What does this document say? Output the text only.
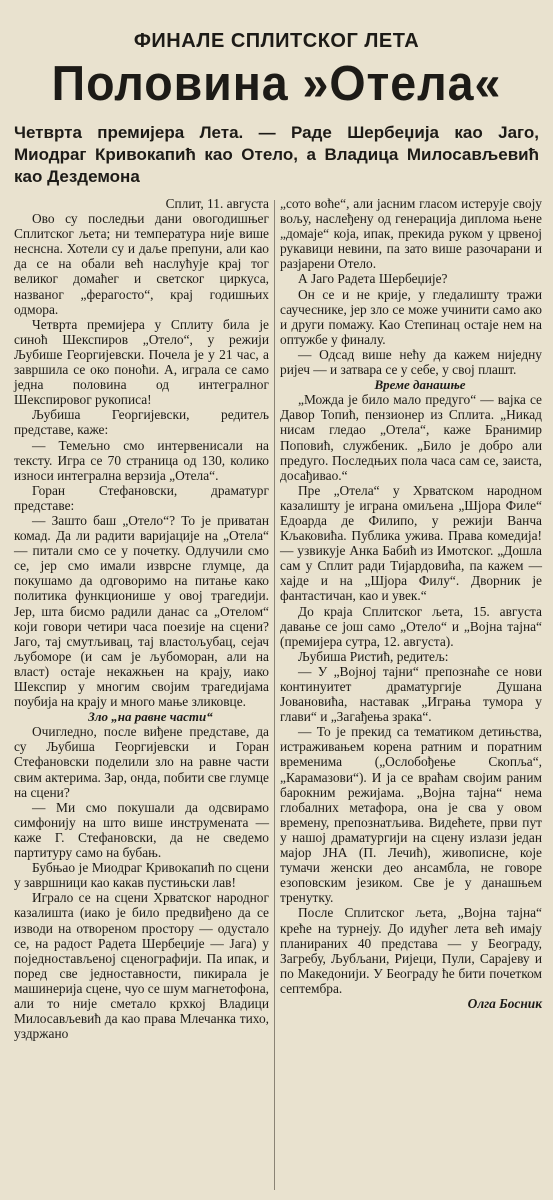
ФИНАЛЕ СПЛИТСКОГ ЛЕТА
Половина »Отела«
Четврта премијера Лета. — Раде Шербеџија као Јаго, Миодраг Кривокапић као Отело, а Владица Милосављевић као Дездемона

Сплит, 11. августа

Ово су последњи дани овогодишњег Сплитског љета; ни температура није више неснсна. Хотели су и даље препуни, али као да се на обали већ наслућује крај тог великог домаћег и светског циркуса, названог „ферагосто“, крај годишњих одмора.

Четврта премијера у Сплиту била је синоћ Шекспиров „Отело“, у режији Љубише Георгијевски. Почела је у 21 час, а завршила се око поноћи. А, играла се само једна половина од интегралног Шекспировог рукописа!

Љубиша Георгијевски, редитељ представе, каже:

— Темељно смо интервенисали на тексту. Игра се 70 страница од 130, колико износи интегрална верзија „Отела“.

Горан Стефановски, драматург представе:

— Зашто баш „Отело“? То је приватан комад. Да ли радити варијације на „Отела“ — питали смо се у почетку. Одлучили смо се, јер смо имали изврсне глумце, да покушамо да одговоримо на питање како политика функционише у овој трагедији. Јер, шта бисмо радили данас са „Отелом“ који говори четири часа поезије на сцени? Јаго, тај смутљивац, тај властољубац, сејач љубоморе (и сам је љубоморан, али на власт) остаје некажњен на крају, иако Шекспир у многим својим трагедијама поубија на крају и много мање зликовце.

Зло „на равне части“

Очигледно, после виђене представе, да су Љубиша Георгијевски и Горан Стефановски поделили зло на равне части свим актерима. Зар, онда, побити све глумце на сцени?

— Ми смо покушали да одсвирамо симфонију на што више инструмената — каже Г. Стефановски, да не сведемо партитуру само на бубањ.

Бубњао је Миодраг Кривокапић по сцени у завршници као какав пустињски лав!

Играло се на сцени Хрватског народног казалишта (иако је било предвиђено да се изводи на отвореном простору — одустало се, на радост Радета Шербеџије — Јага) у поједностављеној сценографији. Па ипак, и поред све једноставности, пикирала је машинерија сцене, чуо се шум магнетофона, али то није сметало крхкој Владици Милосављевић да као права Млечанка тихо, уздржано

„сото воће“, али јасним гласом истерује своју вољу, наслеђену од генерација диплома њене „домаје“ која, ипак, прекида руком у црвеној рукавици невини, па зато више разочарани и разјарени Отело.

А Јаго Радета Шербеџије?

Он се и не крије, у гледалишту тражи саучеснике, јер зло се може учинити само ако и други помажу. Као Степинац остаје нем на оптужбе у финалу.

— Одсад више нећу да кажем ниједну ријеч — и затвара се у себе, у свој плашт.

Време данашње

„Можда је било мало предуго“ — вајка се Давор Топић, пензионер из Сплита. „Никад нисам гледао „Отела“, каже Бранимир Поповић, службеник. „Било је добро али предуго. Последњих пола часа сам се, заиста, досађивао.“

Пре „Отела“ у Хрватском народном казалишту је играна омиљена „Шјора Филе“ Едоарда де Филипо, у режији Ванча Кљаковића. Публика ужива. Права комедија! — узвикује Анка Бабић из Имотског. „Дошла сам у Сплит ради Тијардовића, па кажем — хајде и на „Шјора Филу“. Дворник је фантастичан, као и увек.“

До краја Сплитског љета, 15. августа давање се још само „Отело“ и „Војна тајна“ (премијера сутра, 12. августа).

Љубиша Ристић, редитељ:

— У „Војној тајни“ препознаће се нови континуитет драматургије Душана Јовановића, наставак „Играња тумора у глави“ и „Загађења зрака“.

— То је прекид са тематиком детињства, истраживањем корена ратним и поратним временима („Ослобођење Скопља“, „Карамазови“). И ја се враћам својим раним барокним режијама. „Војна тајна“ нема глобалних метафора, она је сва у овом времену, препознатљива. Видећете, први пут у нашој драматургији на сцену излази један мајор ЈНА (П. Лечић), живописне, које тумачи женски део ансамбла, не говоре езоповским језиком. Све је у данашњем тренутку.

После Сплитског љета, „Војна тајна“ креће на турнеју. До идућег лета већ имају планираних 40 представа — у Београду, Загребу, Љубљани, Ријеци, Пули, Сарајеву и по Македонији. У Београду ће бити почетком септембра.

Олга Босник
